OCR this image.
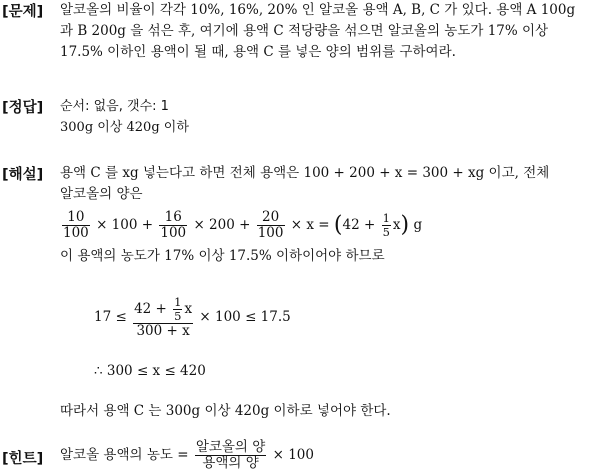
[문제] 알코올의 비율이 각각 10%, 16%, 20% 인 알코올 용액 A, B, C 가 있다. 용액 A 100g
과 B 200g 을 섞은 후, 여기에 용액 C 적당량을 섞으면 알코올의 농도가 17% 이상
17.5% 이하인 용액이 될 때, 용액 C 를 넣은 양의 범위를 구하여라.
[정답] 순서: 없음, 갯수: 1
300g 이상 420g 이하
[해설] 용액 C 를 xg 넣는다고 하면 전체 용액은 100 + 200 + x = 300 + xg 이고, 전체
알코올의 양은
$\frac{10}{100} \times 100 + \frac{16}{100} \times 200 + \frac{20}{100} \times x = (42 + \frac{1}{5} x)$ g
이 용액의 농도가 17% 이상 17.5% 이하이어야 하므로
$17 \le \frac{42 + \frac{1}{5} x}{300 + x} \times 100 \le 17.5$
∴ 300 ≤ x ≤ 420
따라서 용액 C 는 300g 이상 420g 이하로 넣어야 한다.
[힌트] 알코올 용액의 농도 = $\frac{\text{알코올의 양}}{\text{용액의 양}} \times 100$
